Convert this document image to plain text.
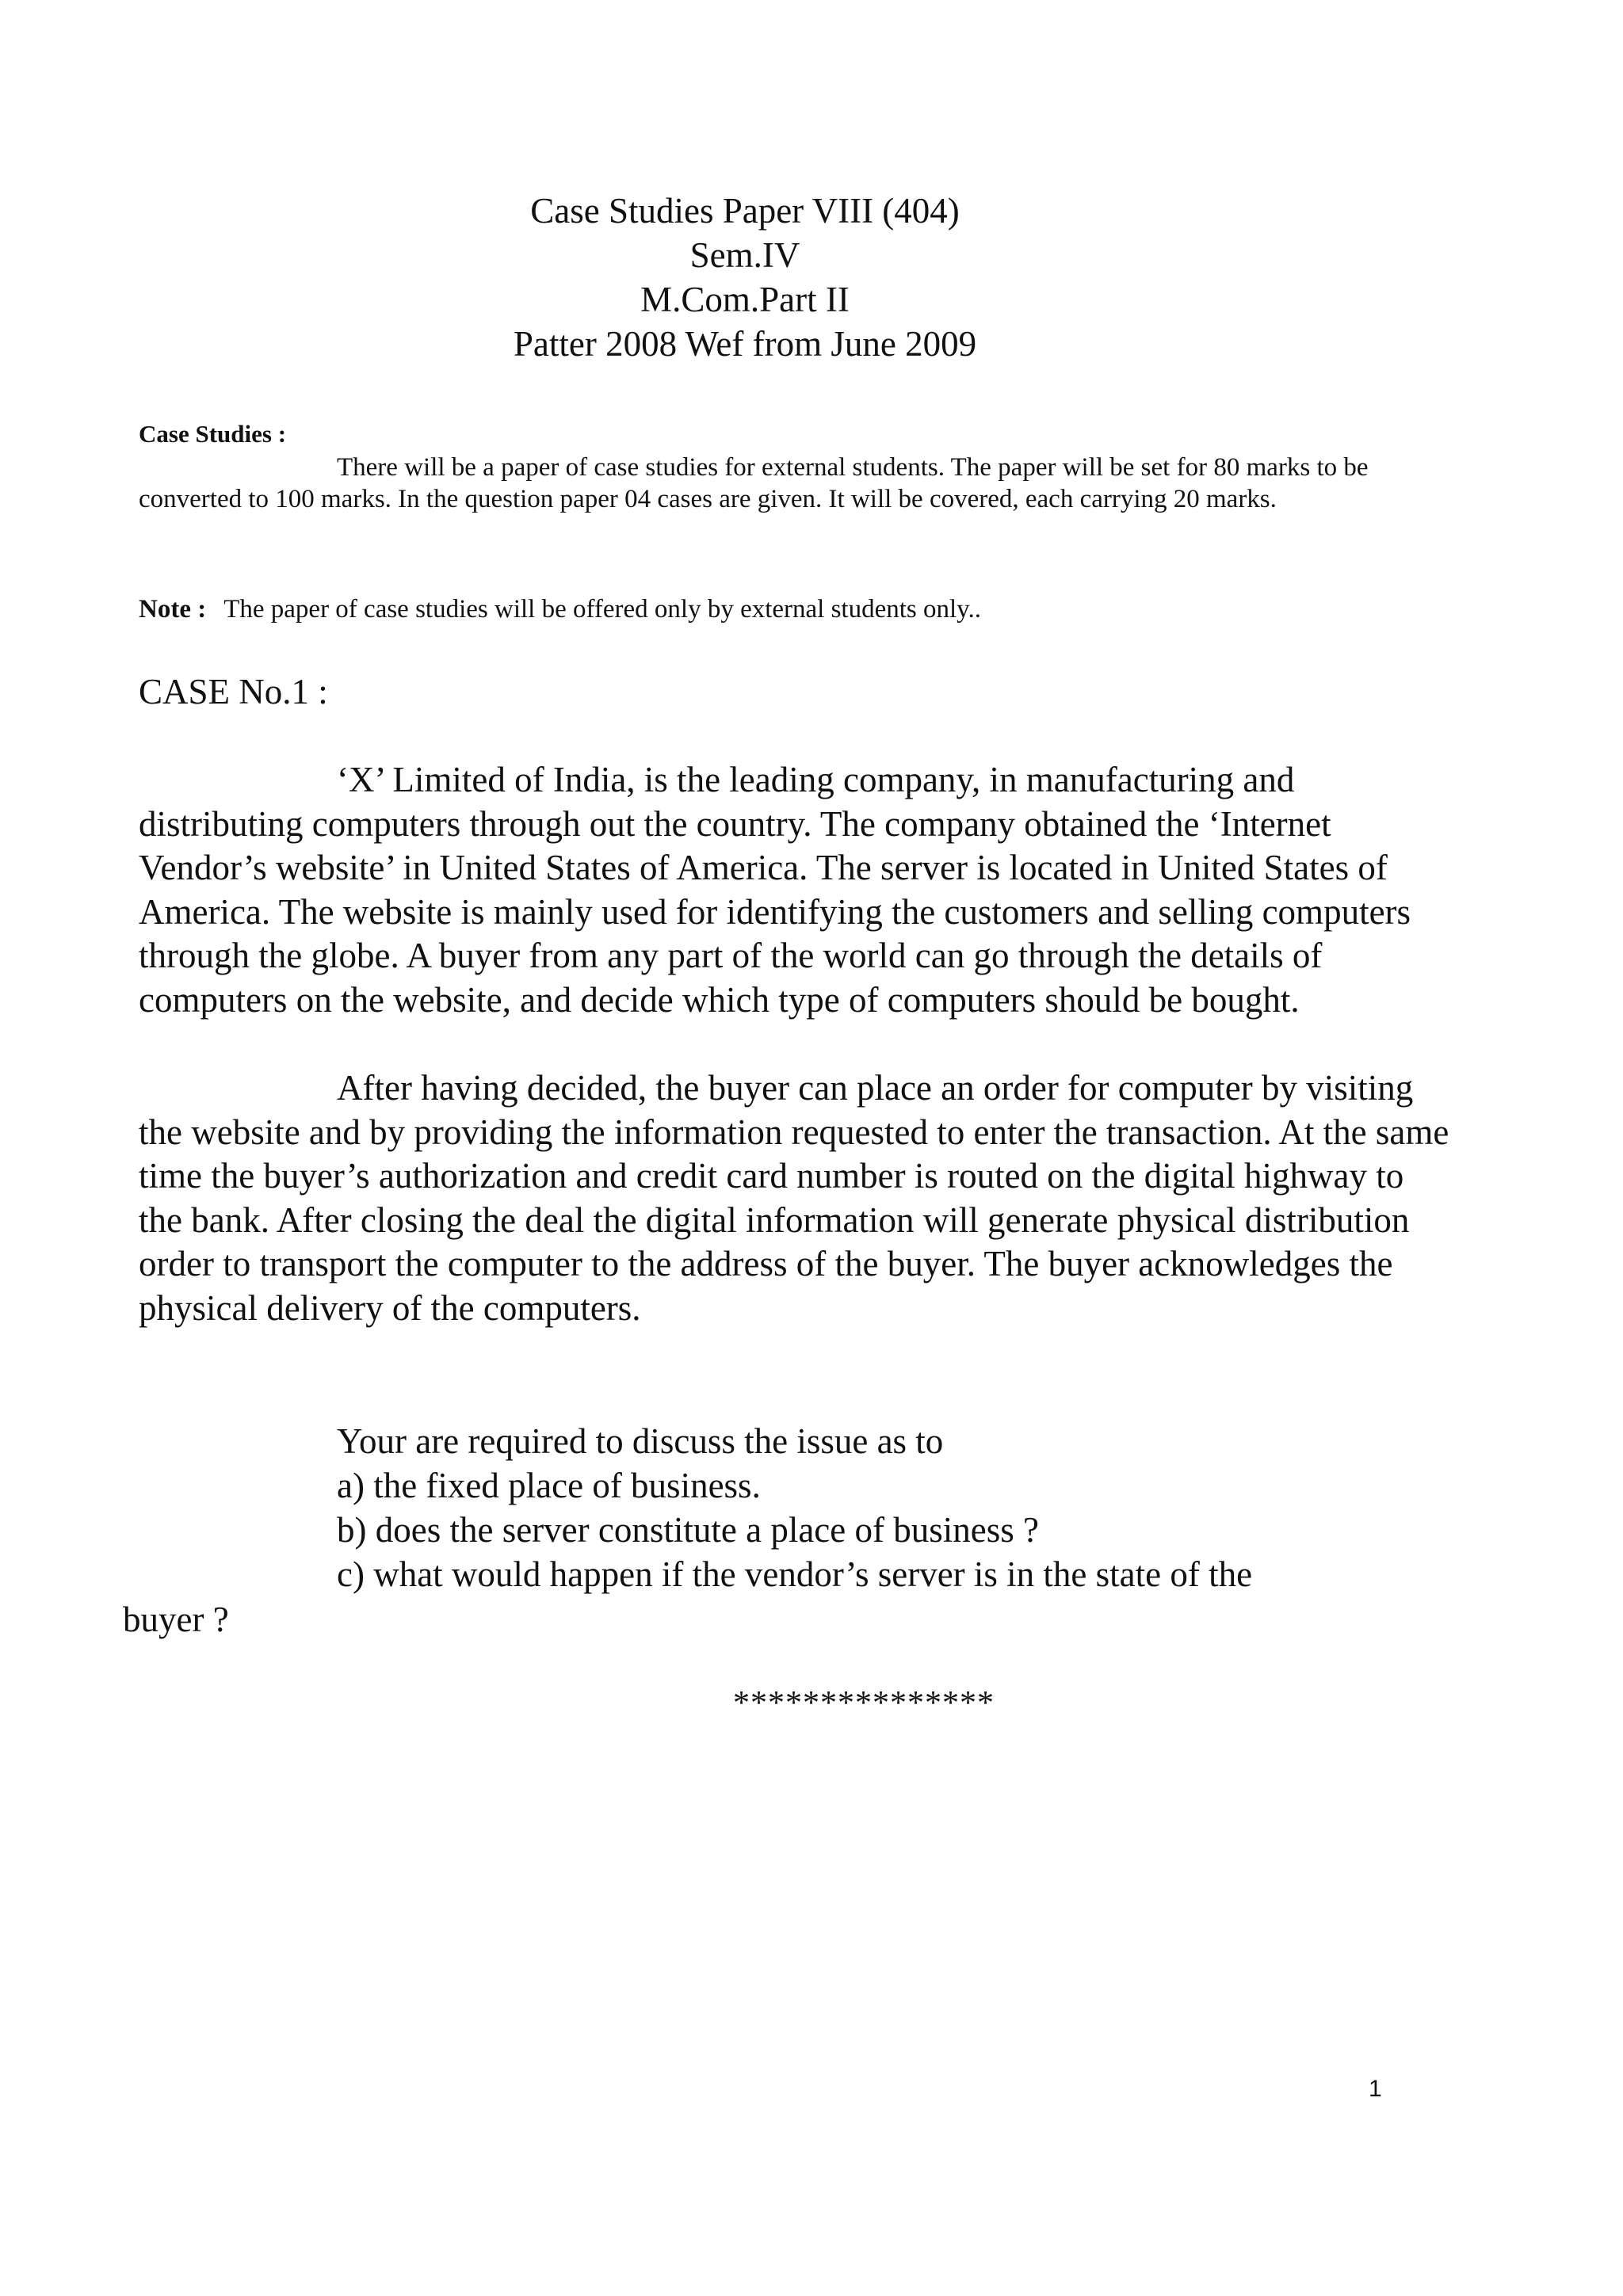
Case Studies Paper VIII (404)
Sem.IV
M.Com.Part II
Patter 2008 Wef from June 2009
Case Studies :
There will be a paper of case studies for external students. The paper will be set for 80 marks to be converted to 100 marks. In the question paper 04 cases are given. It will be covered, each carrying 20 marks.
Note : The paper of case studies will be offered only by external students only..
CASE No.1 :
‘X’ Limited of India, is the leading company, in manufacturing and distributing computers through out the country. The company obtained the ‘Internet Vendor’s website’ in United States of America. The server is located in United States of America. The website is mainly used for identifying the customers and selling computers through the globe. A buyer from any part of the world can go through the details of computers on the website, and decide which type of computers should be bought.
After having decided, the buyer can place an order for computer by visiting the website and by providing the information requested to enter the transaction. At the same time the buyer’s authorization and credit card number is routed on the digital highway to the bank. After closing the deal the digital information will generate physical distribution order to transport the computer to the address of the buyer. The buyer acknowledges the physical delivery of the computers.
Your are required to discuss the issue as to
a) the fixed place of business.
b) does the server constitute a place of business ?
c) what would happen if the vendor’s server is in the state of the
buyer ?
***************
1
